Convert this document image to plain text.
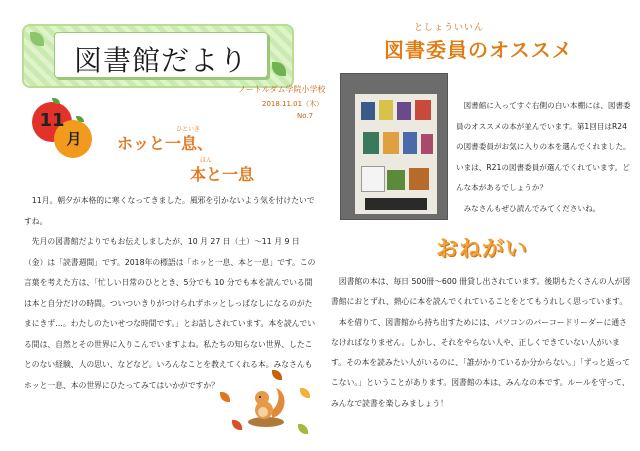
図書館だより
ノートルダム学院小学校
2018.11.01（木）
No.7
11
月
ひといき
ホッと一息、
ほん
本と一息

11月。朝夕が本格的に寒くなってきました。風邪を引かないよう気を付けたいですね。

先月の図書館だよりでもお伝えしましたが、10 月 27 日（土）～11 月 9 日（金）は「読書週間」です。2018年の標語は「ホッと一息、本と一息」です。この言葉を考えた方は、「忙しい日常のひととき、5分でも 10 分でも本を読んでいる間は本と自分だけの時間。ついついきりがつけられずホッとしっぱなしになるのがたまにきず…。わたしのたいせつな時間です。」とお話しされています。本を読んでいる間は、自然とその世界に入りこんでいますよね。私たちの知らない世界、したことのない経験、人の思い、などなど。いろんなことを教えてくれる本。みなさんもホッと一息、本の世界にひたってみてはいかがですか？

としょういいん
図書委員のオススメ

図書館に入ってすぐ右側の白い本棚には、図書委員のオススメの本が並んでいます。第1回目はR24 の図書委員がお気に入りの本を選んでくれました。いまは、R21の図書委員が選んでくれています。どんな本があるでしょうか？

みなさんもぜひ読んでみてくださいね。

おねがい

図書館の本は、毎日 500冊～600 冊貸し出されています。後期もたくさんの人が図書館におとずれ、熱心に本を読んでくれていることをとてもうれしく思っています。

本を借りて、図書館から持ち出すためには、パソコンのバーコードリーダーに通さなければなりません。しかし、それをやらない人や、正しくできていない人がいます。その本を読みたい人がいるのに、「誰がかりているか分からない。」「ずっと返ってこない。」ということがあります。図書館の本は、みんなの本です。ルールを守って、みんなで読書を楽しみましょう！
